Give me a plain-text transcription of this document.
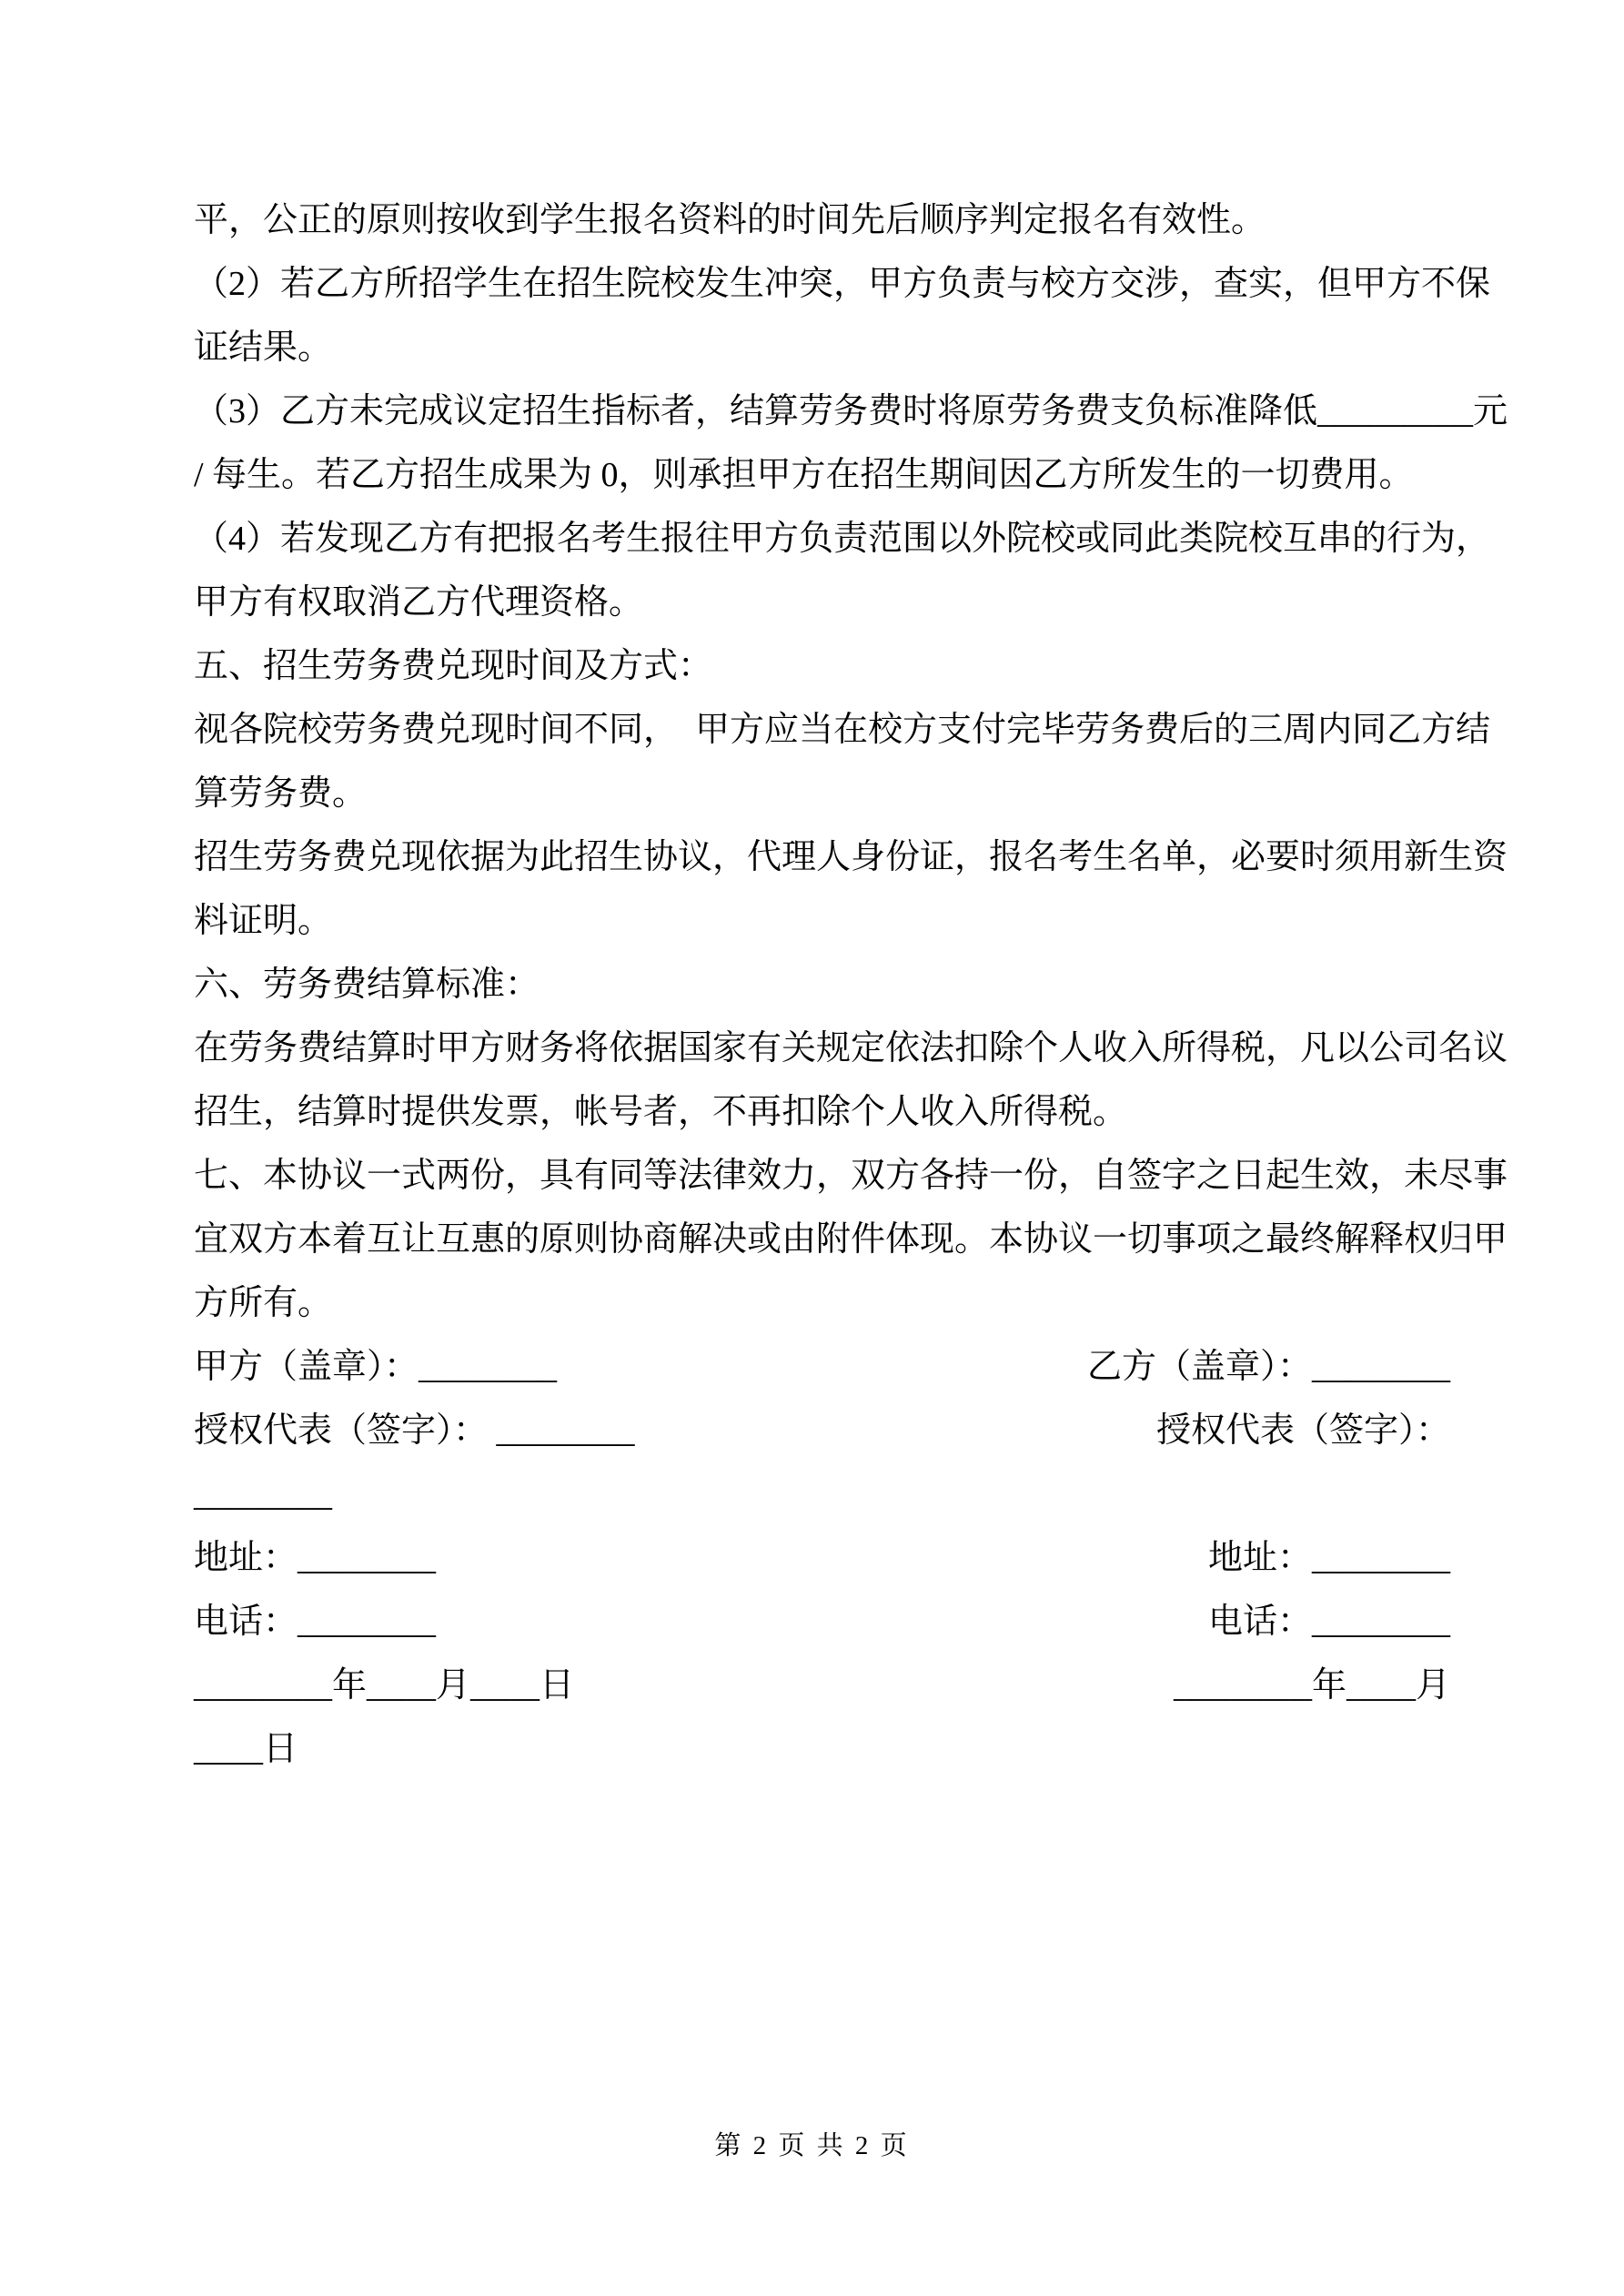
平，公正的原则按收到学生报名资料的时间先后顺序判定报名有效性。
（2）若乙方所招学生在招生院校发生冲突，甲方负责与校方交涉，查实，但甲方不保
证结果。
（3）乙方未完成议定招生指标者，结算劳务费时将原劳务费支负标准降低_________元
/ 每生。若乙方招生成果为 0，则承担甲方在招生期间因乙方所发生的一切费用。
（4）若发现乙方有把报名考生报往甲方负责范围以外院校或同此类院校互串的行为，
甲方有权取消乙方代理资格。
五、招生劳务费兑现时间及方式：
视各院校劳务费兑现时间不同，　甲方应当在校方支付完毕劳务费后的三周内同乙方结
算劳务费。
招生劳务费兑现依据为此招生协议，代理人身份证，报名考生名单，必要时须用新生资
料证明。
六、劳务费结算标准：
在劳务费结算时甲方财务将依据国家有关规定依法扣除个人收入所得税，凡以公司名议
招生，结算时提供发票，帐号者，不再扣除个人收入所得税。
七、本协议一式两份，具有同等法律效力，双方各持一份，自签字之日起生效，未尽事
宜双方本着互让互惠的原则协商解决或由附件体现。本协议一切事项之最终解释权归甲
方所有。
甲方（盖章）：________	乙方（盖章）：________
授权代表（签字）： ________	授权代表（签字）：
________
地址：________	地址：________
电话：________	电话：________
________年____月____日	________年____月
____日
第 2 页 共 2 页
